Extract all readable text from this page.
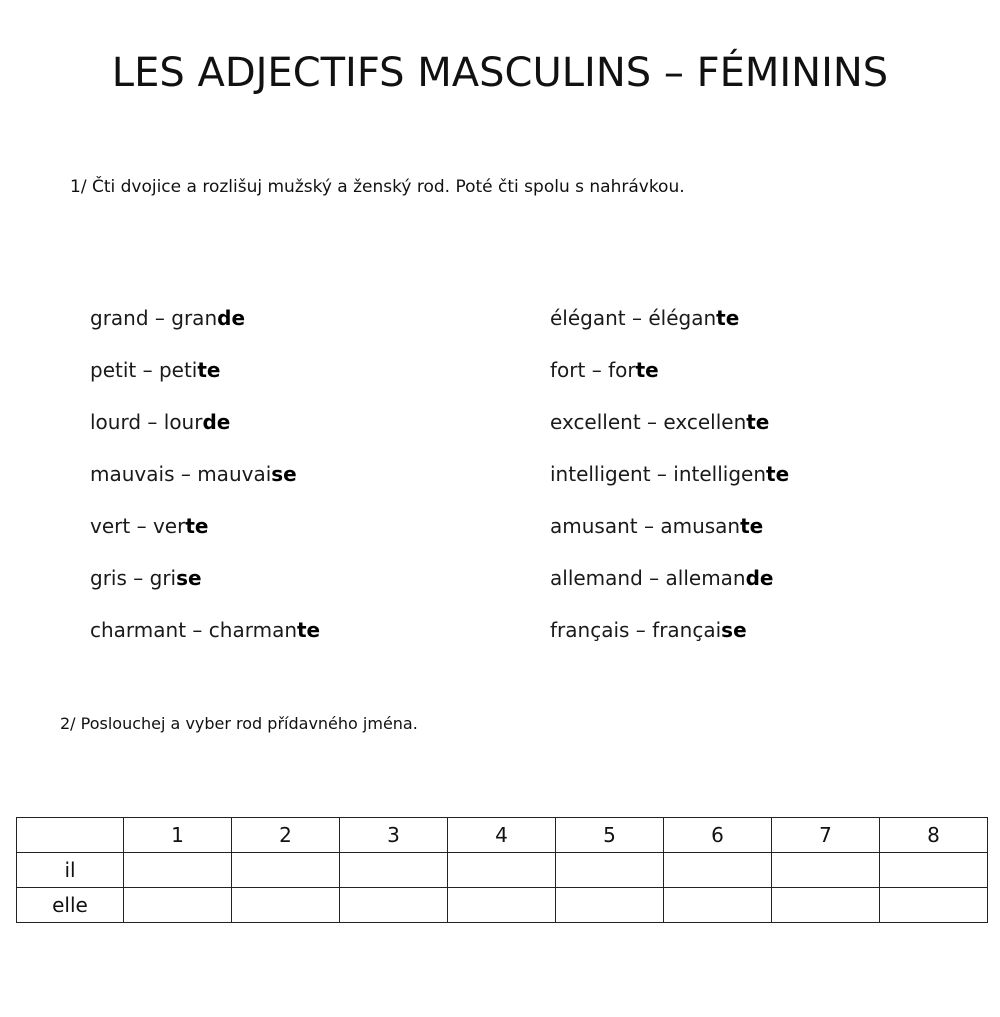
LES ADJECTIFS MASCULINS – FÉMININS
1/ Čti dvojice a rozlišuj mužský a ženský rod. Poté čti spolu s nahrávkou.
grand – grande
petit – petite
lourd – lourde
mauvais – mauvaise
vert – verte
gris – grise
charmant – charmante
élégant – élégante
fort – forte
excellent – excellente
intelligent – intelligente
amusant – amusante
allemand – allemande
français – française
2/ Poslouchej a vyber rod přídavného jména.
	1	2	3	4	5	6	7	8
il								
elle								
